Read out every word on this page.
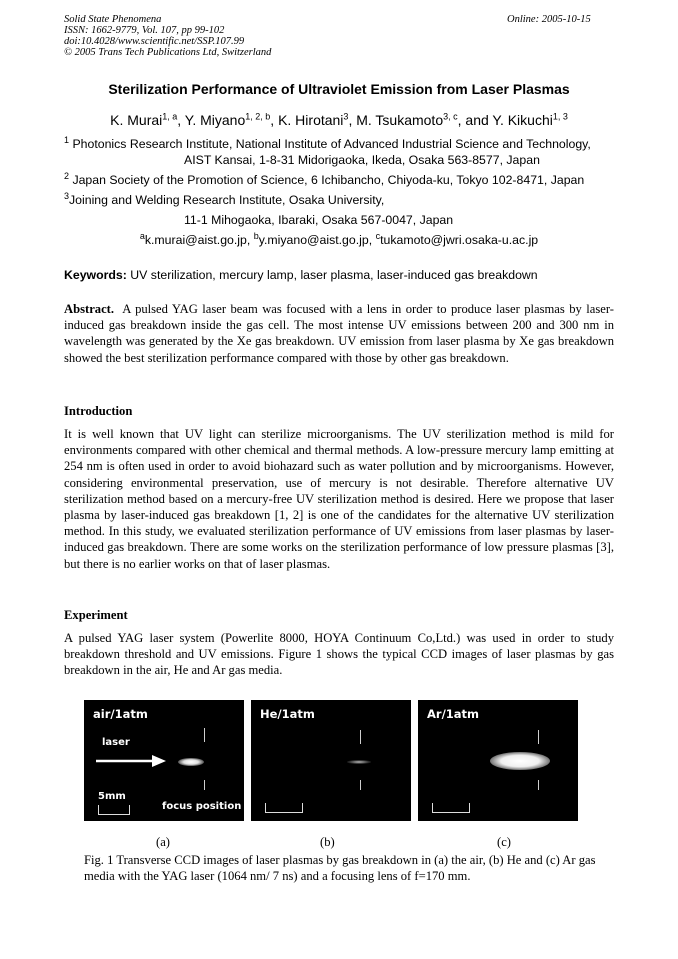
Solid State Phenomena
ISSN: 1662-9779, Vol. 107, pp 99-102
doi:10.4028/www.scientific.net/SSP.107.99
© 2005 Trans Tech Publications Ltd, Switzerland
Online: 2005-10-15
Sterilization Performance of Ultraviolet Emission from Laser Plasmas
K. Murai$^{1, a}$, Y. Miyano$^{1, 2, b}$, K. Hirotani$^3$, M. Tsukamoto$^{3, c}$, and Y. Kikuchi$^{1, 3}$
$^1$ Photonics Research Institute, National Institute of Advanced Industrial Science and Technology,
AIST Kansai, 1-8-31 Midorigaoka, Ikeda, Osaka 563-8577, Japan
$^2$ Japan Society of the Promotion of Science, 6 Ichibancho, Chiyoda-ku, Tokyo 102-8471, Japan
$^3$Joining and Welding Research Institute, Osaka University,
11-1 Mihogaoka, Ibaraki, Osaka 567-0047, Japan
$^a$k.murai@aist.go.jp, $^b$y.miyano@aist.go.jp, $^c$tukamoto@jwri.osaka-u.ac.jp
Keywords: UV sterilization, mercury lamp, laser plasma, laser-induced gas breakdown
Abstract. A pulsed YAG laser beam was focused with a lens in order to produce laser plasmas by laser-induced gas breakdown inside the gas cell. The most intense UV emissions between 200 and 300 nm in wavelength was generated by the Xe gas breakdown. UV emission from laser plasma by Xe gas breakdown showed the best sterilization performance compared with those by other gas breakdown.
Introduction
It is well known that UV light can sterilize microorganisms. The UV sterilization method is mild for environments compared with other chemical and thermal methods. A low-pressure mercury lamp emitting at 254 nm is often used in order to avoid biohazard such as water pollution and by microorganisms. However, considering environmental preservation, use of mercury is not desirable. Therefore alternative UV sterilization method based on a mercury-free UV sterilization method is desired. Here we propose that laser plasma by laser-induced gas breakdown [1, 2] is one of the candidates for the alternative UV sterilization method. In this study, we evaluated sterilization performance of UV emissions from laser plasmas by laser-induced gas breakdown. There are some works on the sterilization performance of low pressure plasmas [3], but there is no earlier works on that of laser plasmas.
Experiment
A pulsed YAG laser system (Powerlite 8000, HOYA Continuum Co,Ltd.) was used in order to study breakdown threshold and UV emissions. Figure 1 shows the typical CCD images of laser plasmas by gas breakdown in the air, He and Ar gas media.
air/1atm
laser
5mm
focus position
He/1atm	Ar/1atm
(a)	(b)	(c)
Fig. 1 Transverse CCD images of laser plasmas by gas breakdown in (a) the air, (b) He and (c) Ar gas media with the YAG laser (1064 nm/ 7 ns) and a focusing lens of f=170 mm.
